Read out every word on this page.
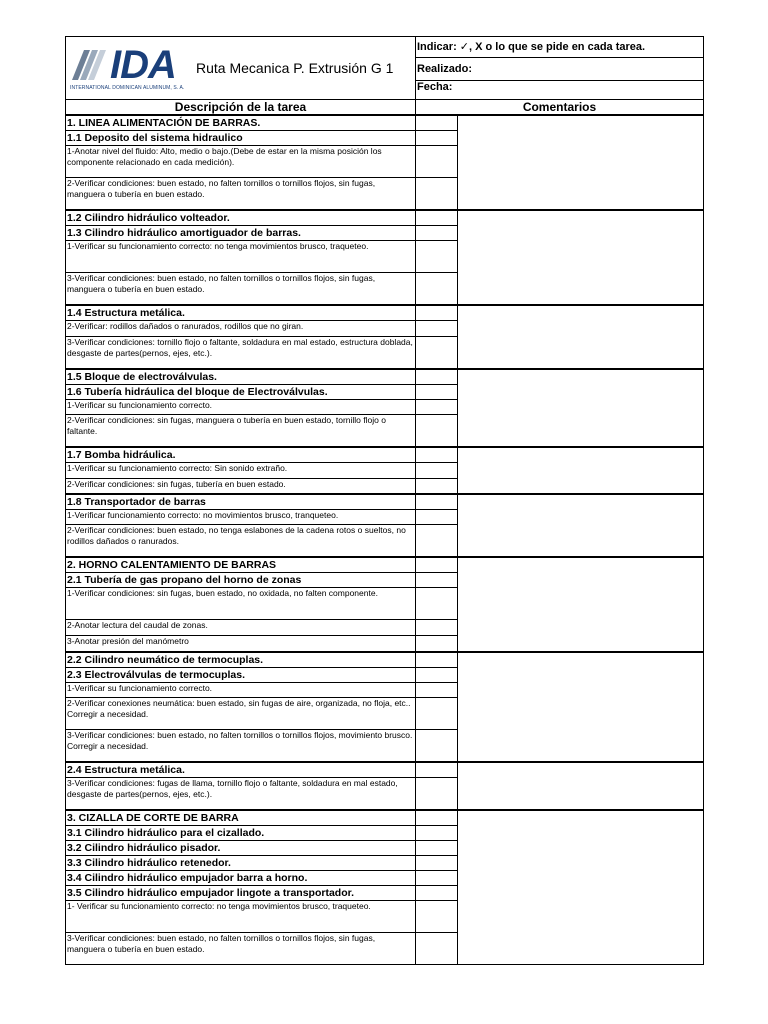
IDA
INTERNATIONAL DOMINICAN ALUMINUM, S. A.
Ruta Mecanica P. Extrusión G 1	Indicar: ✓, X o lo que se pide en cada tarea.	
	Realizado:	
	Fecha:	
Descripción de la tarea	Comentarios	
1. LINEA ALIMENTACIÓN DE BARRAS.		
1.1 Deposito del sistema hidraulico		
1-Anotar nivel del fluido: Alto, medio o bajo.(Debe de estar en la misma posición los componente relacionado en cada medición).		
2-Verificar condiciones: buen estado, no falten tornillos o tornillos flojos, sin fugas, manguera o tubería en buen estado.		
1.2 Cilindro hidráulico volteador.		
1.3 Cilindro hidráulico amortiguador de barras.		
1-Verificar su funcionamiento correcto: no tenga movimientos brusco, traqueteo.		
3-Verificar condiciones: buen estado, no falten tornillos o tornillos flojos, sin fugas, manguera o tubería en buen estado.		
1.4 Estructura metálica.		
2-Verificar: rodillos dañados o ranurados, rodillos que no giran.		
3-Verificar condiciones: tornillo flojo o faltante, soldadura en mal estado, estructura doblada, desgaste de partes(pernos, ejes, etc.).		
1.5 Bloque de electroválvulas.		
1.6 Tubería hidráulica del bloque de Electroválvulas.		
1-Verificar su funcionamiento correcto.		
2-Verificar condiciones: sin fugas, manguera o tubería en buen estado, tornillo flojo o faltante.		
1.7 Bomba hidráulica.		
1-Verificar su funcionamiento correcto: Sin sonido extraño.		
2-Verificar condiciones: sin fugas, tubería en buen estado.		
1.8 Transportador de barras		
1-Verificar funcionamiento correcto: no movimientos brusco, tranqueteo.		
2-Verificar condiciones: buen estado, no tenga eslabones de la cadena rotos o sueltos, no rodillos dañados o ranurados.		
2. HORNO CALENTAMIENTO DE BARRAS		
2.1 Tubería de gas propano del horno de zonas		
1-Verificar condiciones: sin fugas, buen estado, no oxidada, no falten componente.		
2-Anotar lectura del caudal de zonas.		
3-Anotar presión del manómetro		
2.2 Cilindro neumático de termocuplas.		
2.3 Electroválvulas de termocuplas.		
1-Verificar su funcionamiento correcto.		
2-Verificar conexiones neumática: buen estado, sin fugas de aire, organizada, no floja, etc.. Corregir a necesidad.		
3-Verificar condiciones: buen estado, no falten tornillos o tornillos flojos, movimiento brusco. Corregir a necesidad.		
2.4 Estructura metálica.		
3-Verificar condiciones: fugas de llama, tornillo flojo o faltante, soldadura en mal estado, desgaste de partes(pernos, ejes, etc.).		
3. CIZALLA DE CORTE DE BARRA		
3.1 Cilindro hidráulico para el cizallado.		
3.2 Cilindro hidráulico pisador.		
3.3 Cilindro hidráulico retenedor.		
3.4 Cilindro hidráulico empujador barra a horno.		
3.5 Cilindro hidráulico empujador lingote a transportador.		
1- Verificar su funcionamiento correcto: no tenga movimientos brusco, traqueteo.		
3-Verificar condiciones: buen estado, no falten tornillos o tornillos flojos, sin fugas, manguera o tubería en buen estado.		
